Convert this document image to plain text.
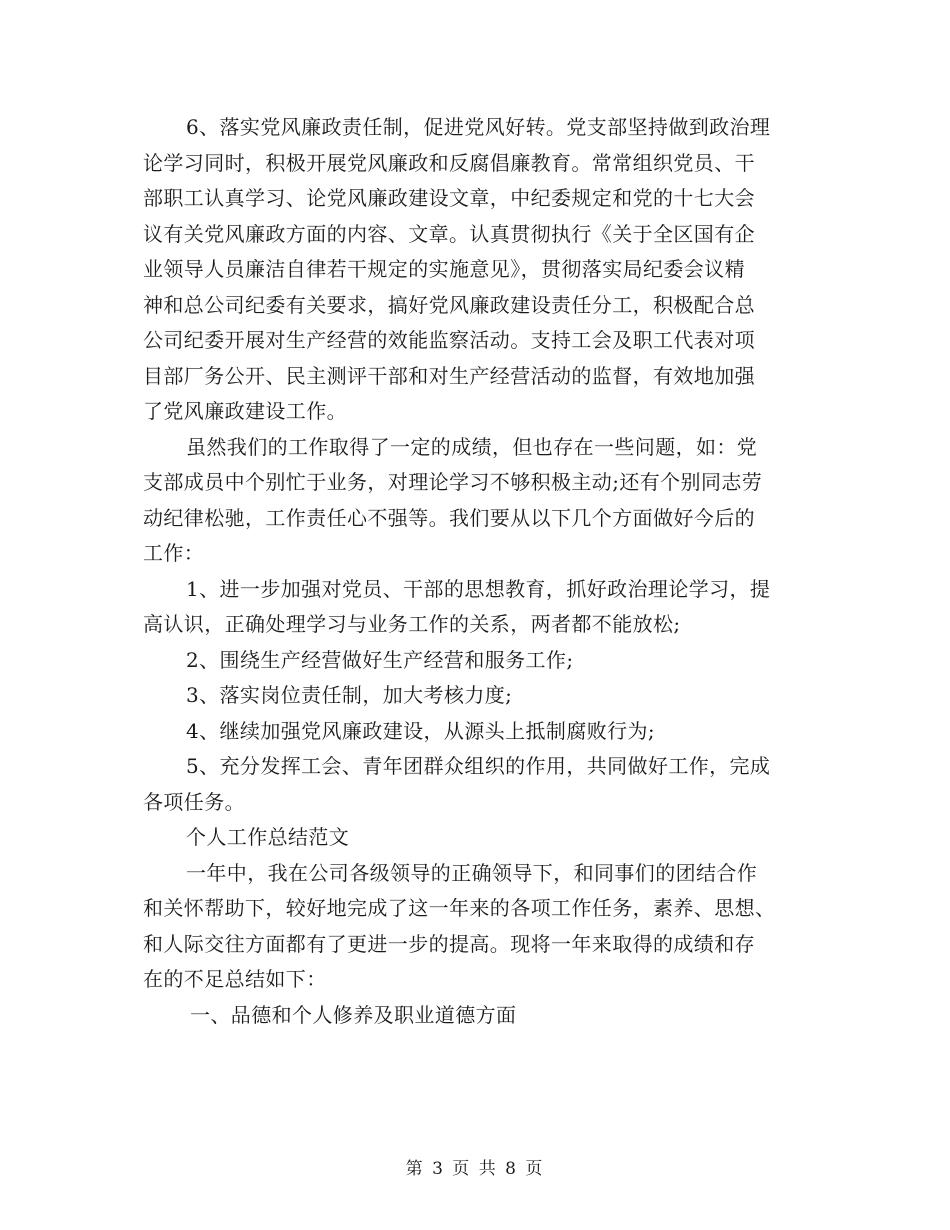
6、落实党风廉政责任制，促进党风好转。党支部坚持做到政治理
论学习同时，积极开展党风廉政和反腐倡廉教育。常常组织党员、干
部职工认真学习、论党风廉政建设文章，中纪委规定和党的十七大会
议有关党风廉政方面的内容、文章。认真贯彻执行《关于全区国有企
业领导人员廉洁自律若干规定的实施意见》，贯彻落实局纪委会议精
神和总公司纪委有关要求，搞好党风廉政建设责任分工，积极配合总
公司纪委开展对生产经营的效能监察活动。支持工会及职工代表对项
目部厂务公开、民主测评干部和对生产经营活动的监督，有效地加强
了党风廉政建设工作。
虽然我们的工作取得了一定的成绩，但也存在一些问题，如：党
支部成员中个别忙于业务，对理论学习不够积极主动;还有个别同志劳
动纪律松驰，工作责任心不强等。我们要从以下几个方面做好今后的
工作：
1、进一步加强对党员、干部的思想教育，抓好政治理论学习，提
高认识，正确处理学习与业务工作的关系，两者都不能放松;
2、围绕生产经营做好生产经营和服务工作;
3、落实岗位责任制，加大考核力度;
4、继续加强党风廉政建设，从源头上抵制腐败行为;
5、充分发挥工会、青年团群众组织的作用，共同做好工作，完成
各项任务。
个人工作总结范文
一年中，我在公司各级领导的正确领导下，和同事们的团结合作
和关怀帮助下，较好地完成了这一年来的各项工作任务，素养、思想、
和人际交往方面都有了更进一步的提高。现将一年来取得的成绩和存
在的不足总结如下：
一、品德和个人修养及职业道德方面
第 3 页 共 8 页
